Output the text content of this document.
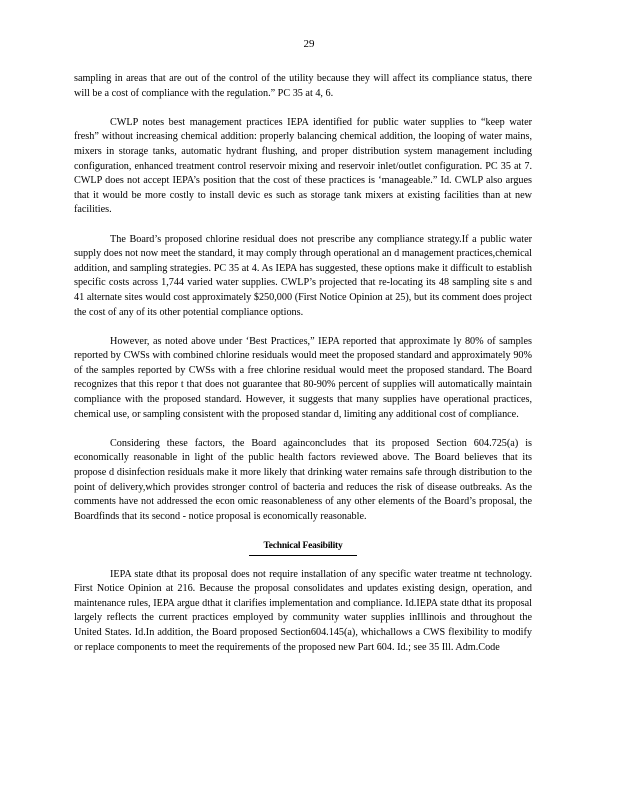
29

sampling in areas that are out of the control of the utility because they will affect its compliance status, there will be a cost of compliance with the regulation.” PC 35 at 4, 6.

CWLP notes best management practices IEPA identified for public water supplies to “keep water fresh” without increasing chemical addition: properly balancing chemical addition, the looping of water mains, mixers in storage tanks, automatic hydrant flushing, and proper distribution system management including configuration, enhanced treatment control reservoir mixing and reservoir inlet/outlet configuration. PC 35 at 7. CWLP does not accept IEPA’s position that the cost of these practices is ‘manageable.” Id. CWLP also argues that it would be more costly to install devic es such as storage tank mixers at existing facilities than at new facilities.

The Board’s proposed chlorine residual does not prescribe any compliance strategy.If a public water supply does not now meet the standard, it may comply through operational an d management practices,chemical addition, and sampling strategies. PC 35 at 4. As IEPA has suggested, these options make it difficult to establish specific costs across 1,744 varied water supplies. CWLP’s projected that re-locating its 48 sampling site s and 41 alternate sites would cost approximately $250,000 (First Notice Opinion at 25), but its comment does project the cost of any of its other potential compliance options.

However, as noted above under ‘Best Practices,” IEPA reported that approximate ly 80% of samples reported by CWSs with combined chlorine residuals would meet the proposed standard and approximately 90% of the samples reported by CWSs with a free chlorine residual would meet the proposed standard. The Board recognizes that this repor t that does not guarantee that 80-90% percent of supplies will automatically maintain compliance with the proposed standard. However, it suggests that many supplies have operational practices, chemical use, or sampling consistent with the proposed standar d, limiting any additional cost of compliance.

Considering these factors, the Board againconcludes that its proposed Section 604.725(a) is economically reasonable in light of the public health factors reviewed above. The Board believes that its propose d disinfection residuals make it more likely that drinking water remains safe through distribution to the point of delivery,which provides stronger control of bacteria and reduces the risk of disease outbreaks. As the comments have not addressed the econ omic reasonableness of any other elements of the Board’s proposal, the Boardfinds that its second - notice proposal is economically reasonable.

Technical Feasibility

IEPA state dthat its proposal does not require installation of any specific water treatme nt technology. First Notice Opinion at 216. Because the proposal consolidates and updates existing design, operation, and maintenance rules, IEPA argue dthat it clarifies implementation and compliance. Id.IEPA state dthat its proposal largely reflects the current practices employed by community water supplies inIllinois and throughout the United States. Id.In addition, the Board proposed Section604.145(a), whichallows a CWS flexibility to modify or replace components to meet the requirements of the proposed new Part 604. Id.; see 35 Ill. Adm.Code
